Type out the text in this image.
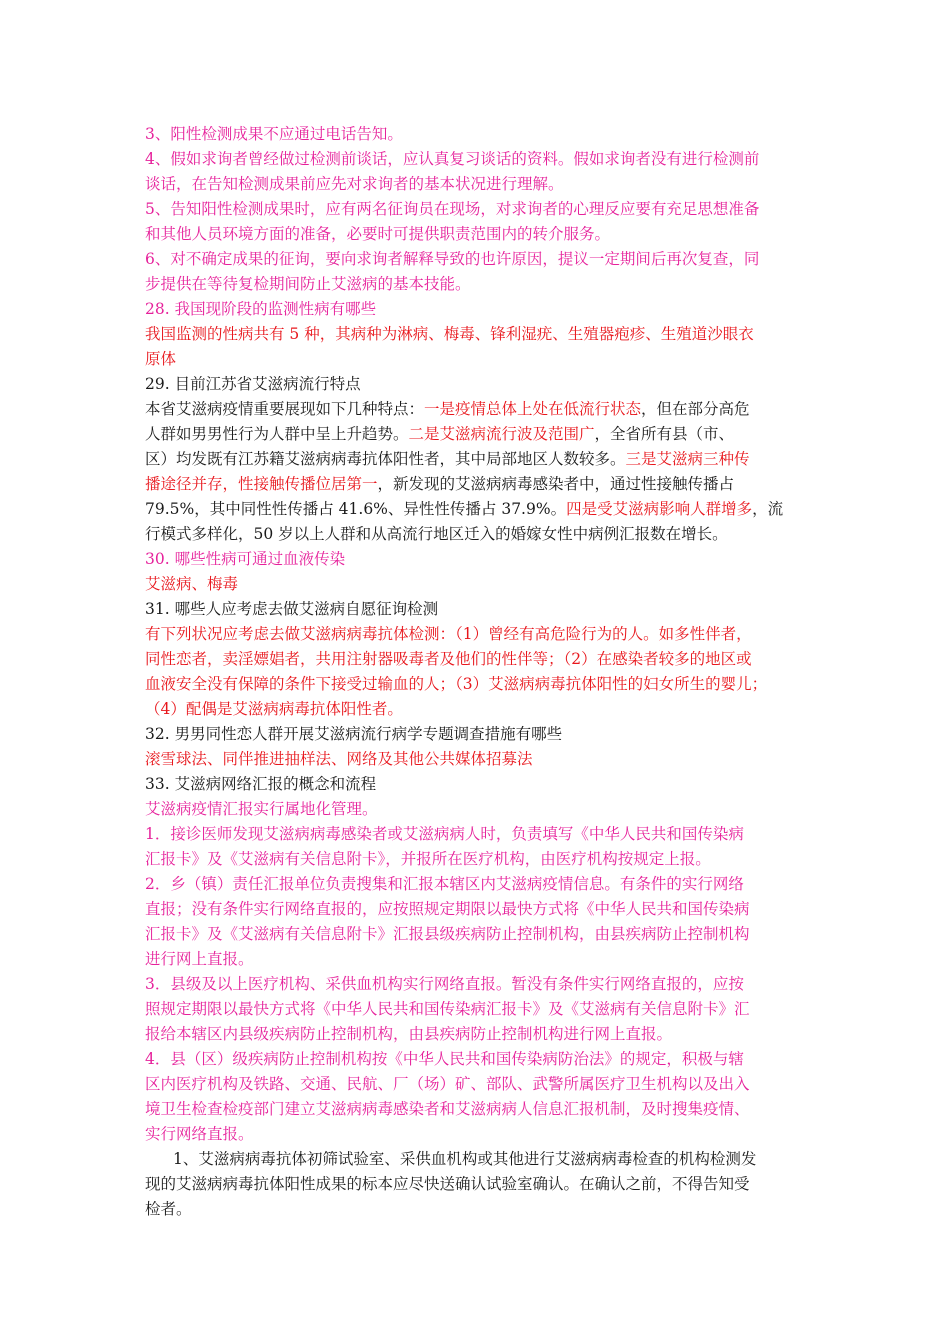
3、阳性检测成果不应通过电话告知。

4、假如求询者曾经做过检测前谈话，应认真复习谈话的资料。假如求询者没有进行检测前

谈话，在告知检测成果前应先对求询者的基本状况进行理解。

5、告知阳性检测成果时，应有两名征询员在现场，对求询者的心理反应要有充足思想准备

和其他人员环境方面的准备，必要时可提供职责范围内的转介服务。

6、对不确定成果的征询，要向求询者解释导致的也许原因，提议一定期间后再次复查，同

步提供在等待复检期间防止艾滋病的基本技能。

28. 我国现阶段的监测性病有哪些

我国监测的性病共有 5 种，其病种为淋病、梅毒、锋利湿疣、生殖器疱疹、生殖道沙眼衣

原体

29. 目前江苏省艾滋病流行特点

本省艾滋病疫情重要展现如下几种特点：一是疫情总体上处在低流行状态，但在部分高危

人群如男男性行为人群中呈上升趋势。二是艾滋病流行波及范围广，全省所有县（市、

区）均发既有江苏籍艾滋病病毒抗体阳性者，其中局部地区人数较多。三是艾滋病三种传

播途径并存，性接触传播位居第一，新发现的艾滋病病毒感染者中，通过性接触传播占

79.5%，其中同性性传播占 41.6%、异性性传播占 37.9%。四是受艾滋病影响人群增多，流

行模式多样化，50 岁以上人群和从高流行地区迁入的婚嫁女性中病例汇报数在增长。

30. 哪些性病可通过血液传染

艾滋病、梅毒

31. 哪些人应考虑去做艾滋病自愿征询检测

有下列状况应考虑去做艾滋病病毒抗体检测：（1）曾经有高危险行为的人。如多性伴者，

同性恋者，卖淫嫖娼者，共用注射器吸毒者及他们的性伴等；（2）在感染者较多的地区或

血液安全没有保障的条件下接受过输血的人；（3）艾滋病病毒抗体阳性的妇女所生的婴儿；

（4）配偶是艾滋病病毒抗体阳性者。

32. 男男同性恋人群开展艾滋病流行病学专题调查措施有哪些

滚雪球法、同伴推进抽样法、网络及其他公共媒体招募法

33. 艾滋病网络汇报的概念和流程

艾滋病疫情汇报实行属地化管理。

1．接诊医师发现艾滋病病毒感染者或艾滋病病人时，负责填写《中华人民共和国传染病

汇报卡》及《艾滋病有关信息附卡》，并报所在医疗机构，由医疗机构按规定上报。

2．乡（镇）责任汇报单位负责搜集和汇报本辖区内艾滋病疫情信息。有条件的实行网络

直报；没有条件实行网络直报的，应按照规定期限以最快方式将《中华人民共和国传染病

汇报卡》及《艾滋病有关信息附卡》汇报县级疾病防止控制机构，由县疾病防止控制机构

进行网上直报。

3．县级及以上医疗机构、采供血机构实行网络直报。暂没有条件实行网络直报的，应按

照规定期限以最快方式将《中华人民共和国传染病汇报卡》及《艾滋病有关信息附卡》汇

报给本辖区内县级疾病防止控制机构，由县疾病防止控制机构进行网上直报。

4．县（区）级疾病防止控制机构按《中华人民共和国传染病防治法》的规定，积极与辖

区内医疗机构及铁路、交通、民航、厂（场）矿、部队、武警所属医疗卫生机构以及出入

境卫生检查检疫部门建立艾滋病病毒感染者和艾滋病病人信息汇报机制，及时搜集疫情、

实行网络直报。

1、艾滋病病毒抗体初筛试验室、采供血机构或其他进行艾滋病病毒检查的机构检测发

现的艾滋病病毒抗体阳性成果的标本应尽快送确认试验室确认。在确认之前，不得告知受

检者。
